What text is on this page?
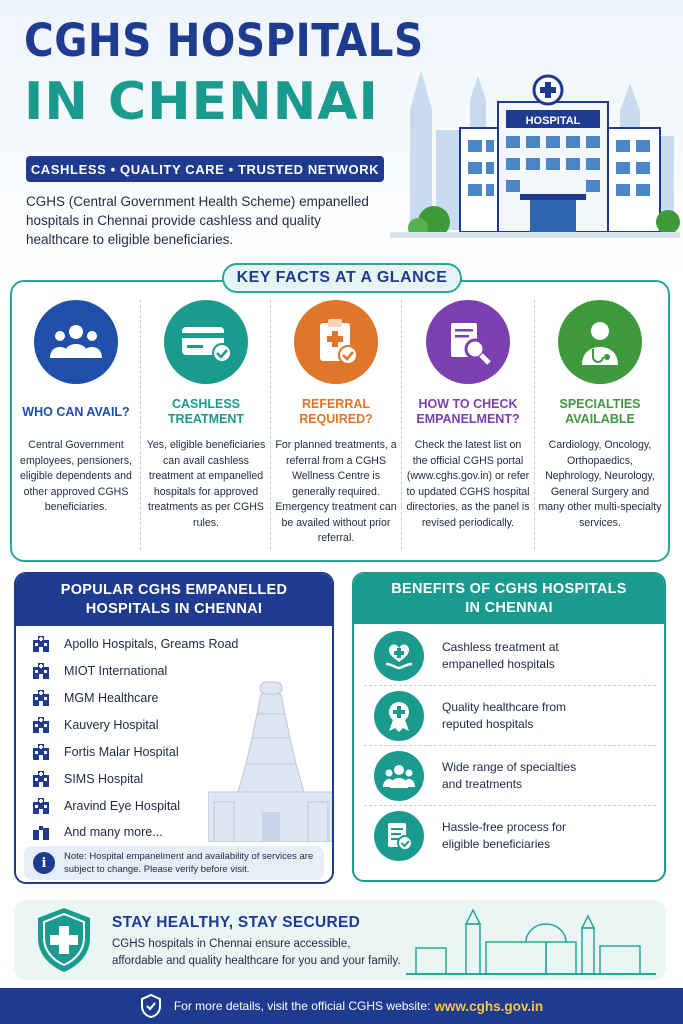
CGHS HOSPITALS
IN CHENNAI
CASHLESS • QUALITY CARE • TRUSTED NETWORK
CGHS (Central Government Health Scheme) empanelled hospitals in Chennai provide cashless and quality healthcare to eligible beneficiaries.
HOSPITAL
KEY FACTS AT A GLANCE
WHO CAN AVAIL?
Central Government employees, pensioners, eligible dependents and other approved CGHS beneficiaries.
CASHLESS TREATMENT
Yes, eligible beneficiaries can avail cashless treatment at empanelled hospitals for approved treatments as per CGHS rules.
REFERRAL REQUIRED?
For planned treatments, a referral from a CGHS Wellness Centre is generally required. Emergency treatment can be availed without prior referral.
HOW TO CHECK EMPANELMENT?
Check the latest list on the official CGHS portal (www.cghs.gov.in) or refer to updated CGHS hospital directories, as the panel is revised periodically.
SPECIALTIES AVAILABLE
Cardiology, Oncology, Orthopaedics, Nephrology, Neurology, General Surgery and many other multi-specialty services.
POPULAR CGHS EMPANELLED HOSPITALS IN CHENNAI
Apollo Hospitals, Greams Road
MIOT International
MGM Healthcare
Kauvery Hospital
Fortis Malar Hospital
SIMS Hospital
Aravind Eye Hospital
And many more...
i	Note: Hospital empanelment and availability of services are subject to change. Please verify before visit.
BENEFITS OF CGHS HOSPITALS IN CHENNAI
Cashless treatment at empanelled hospitals
Quality healthcare from reputed hospitals
Wide range of specialties and treatments
Hassle-free process for eligible beneficiaries
STAY HEALTHY, STAY SECURED
CGHS hospitals in Chennai ensure accessible, affordable and quality healthcare for you and your family.
For more details, visit the official CGHS website: www.cghs.gov.in
